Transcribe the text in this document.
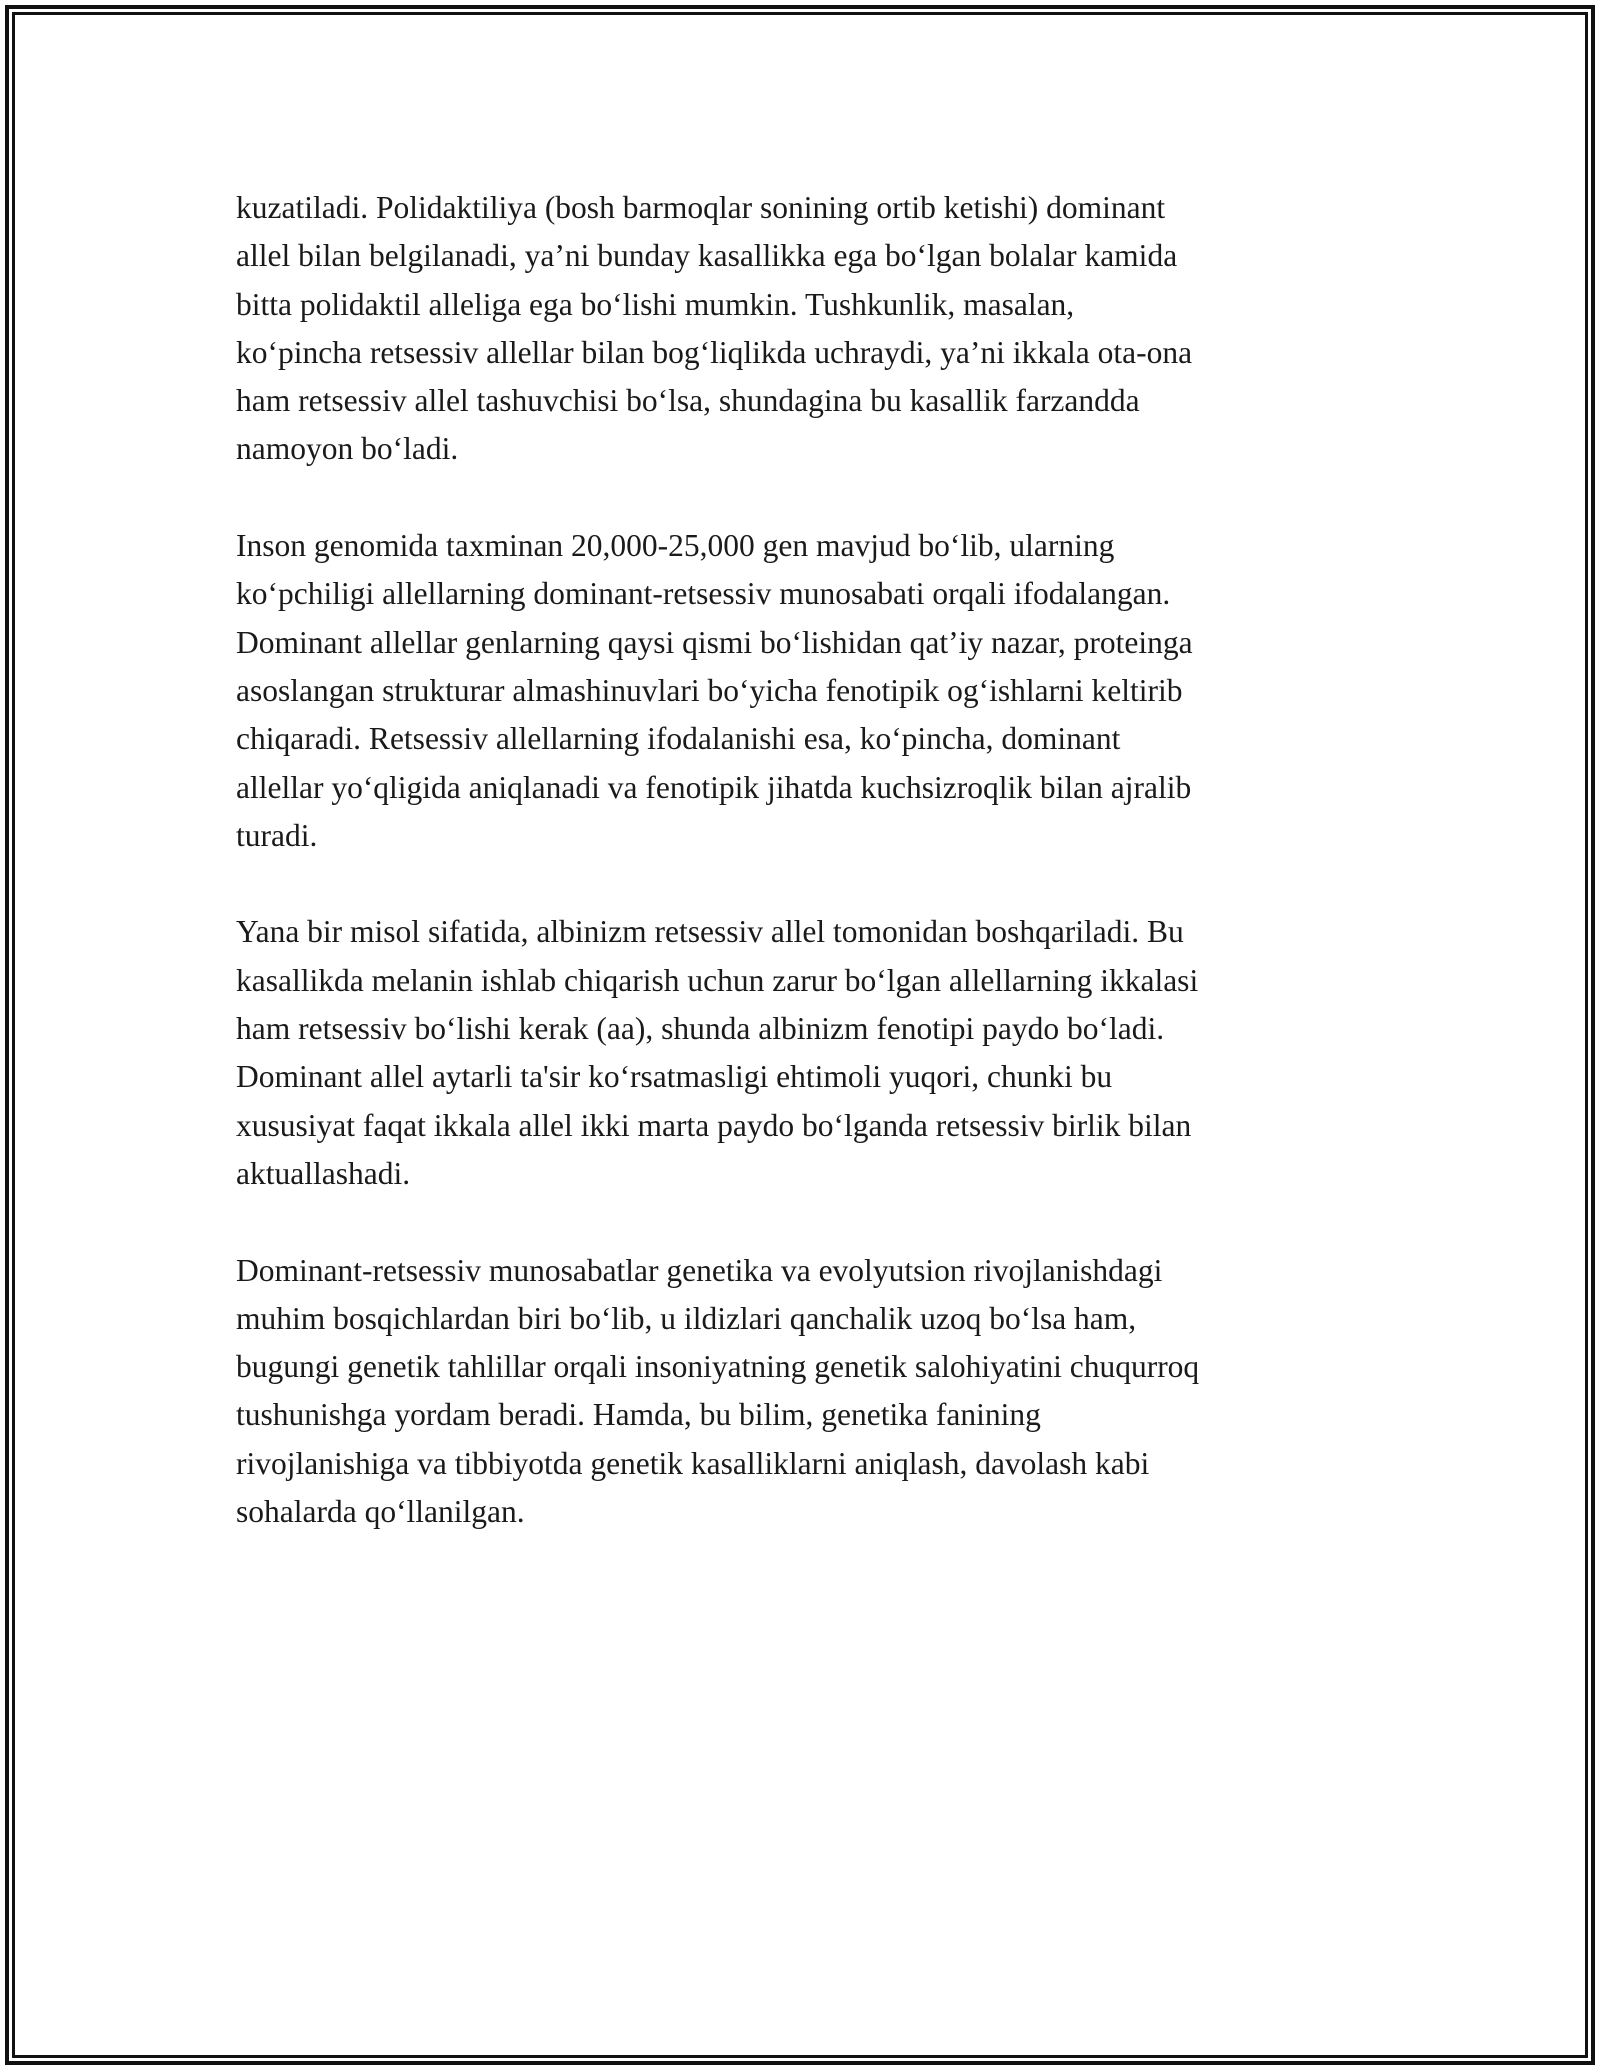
kuzatiladi. Polidaktiliya (bosh barmoqlar sonining ortib ketishi) dominant
allel bilan belgilanadi, ya’ni bunday kasallikka ega bo‘lgan bolalar kamida
bitta polidaktil alleliga ega bo‘lishi mumkin. Tushkunlik, masalan,
ko‘pincha retsessiv allellar bilan bog‘liqlikda uchraydi, ya’ni ikkala ota-ona
ham retsessiv allel tashuvchisi bo‘lsa, shundagina bu kasallik farzandda
namoyon bo‘ladi.

Inson genomida taxminan 20,000-25,000 gen mavjud bo‘lib, ularning
ko‘pchiligi allellarning dominant-retsessiv munosabati orqali ifodalangan.
Dominant allellar genlarning qaysi qismi bo‘lishidan qat’iy nazar, proteinga
asoslangan strukturar almashinuvlari bo‘yicha fenotipik og‘ishlarni keltirib
chiqaradi. Retsessiv allellarning ifodalanishi esa, ko‘pincha, dominant
allellar yo‘qligida aniqlanadi va fenotipik jihatda kuchsizroqlik bilan ajralib
turadi.

Yana bir misol sifatida, albinizm retsessiv allel tomonidan boshqariladi. Bu
kasallikda melanin ishlab chiqarish uchun zarur bo‘lgan allellarning ikkalasi
ham retsessiv bo‘lishi kerak (aa), shunda albinizm fenotipi paydo bo‘ladi.
Dominant allel aytarli ta'sir ko‘rsatmasligi ehtimoli yuqori, chunki bu
xususiyat faqat ikkala allel ikki marta paydo bo‘lganda retsessiv birlik bilan
aktuallashadi.

Dominant-retsessiv munosabatlar genetika va evolyutsion rivojlanishdagi
muhim bosqichlardan biri bo‘lib, u ildizlari qanchalik uzoq bo‘lsa ham,
bugungi genetik tahlillar orqali insoniyatning genetik salohiyatini chuqurroq
tushunishga yordam beradi. Hamda, bu bilim, genetika fanining
rivojlanishiga va tibbiyotda genetik kasalliklarni aniqlash, davolash kabi
sohalarda qo‘llanilgan.
